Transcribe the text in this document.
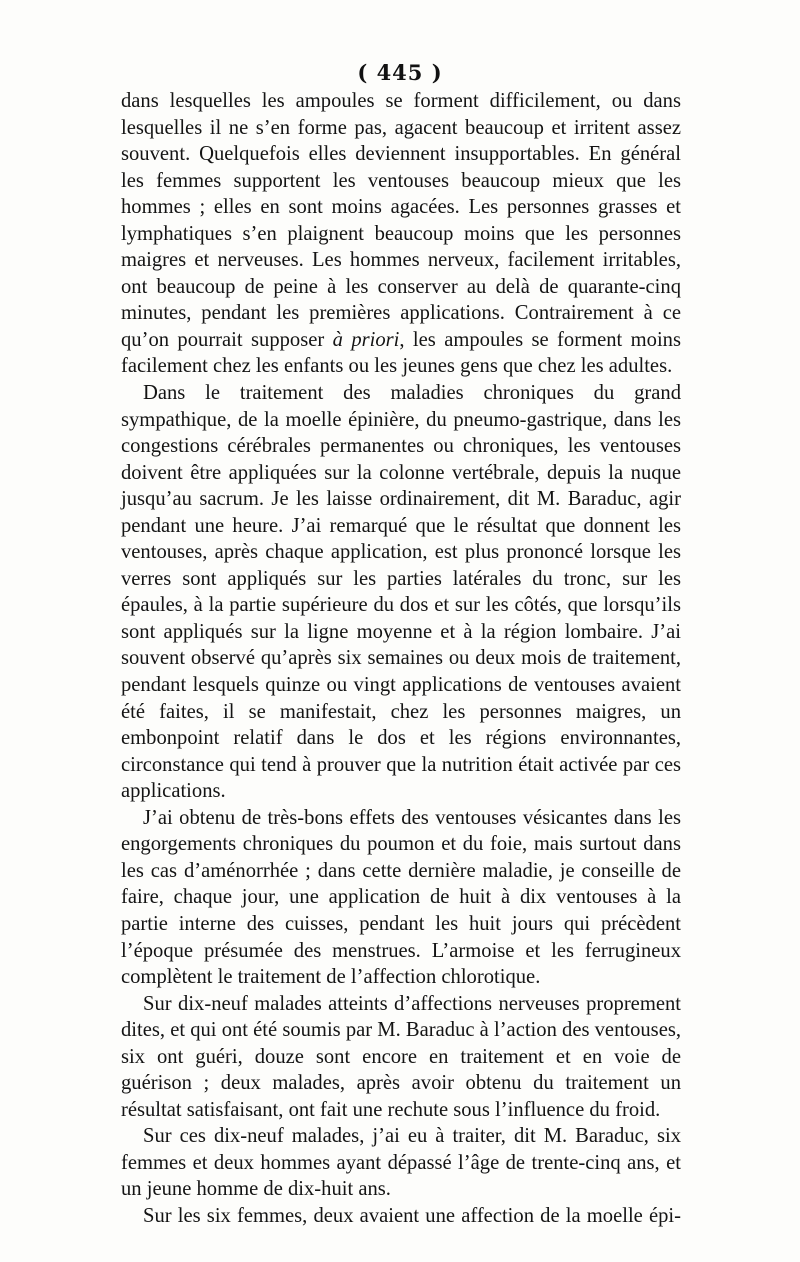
( 445 )

dans lesquelles les ampoules se forment difficilement, ou dans lesquelles il ne s’en forme pas, agacent beaucoup et irritent assez souvent. Quelquefois elles deviennent insupportables. En général les femmes supportent les ventouses beaucoup mieux que les hommes ; elles en sont moins agacées. Les personnes grasses et lymphatiques s’en plaignent beaucoup moins que les personnes maigres et nerveuses. Les hommes nerveux, facilement irritables, ont beaucoup de peine à les conserver au delà de quarante-cinq minutes, pendant les premières applications. Contrairement à ce qu’on pourrait supposer à priori, les ampoules se forment moins facilement chez les enfants ou les jeunes gens que chez les adultes.

Dans le traitement des maladies chroniques du grand sympathique, de la moelle épinière, du pneumo-gastrique, dans les congestions cérébrales permanentes ou chroniques, les ventouses doivent être appliquées sur la colonne vertébrale, depuis la nuque jusqu’au sacrum. Je les laisse ordinairement, dit M. Baraduc, agir pendant une heure. J’ai remarqué que le résultat que donnent les ventouses, après chaque application, est plus prononcé lorsque les verres sont appliqués sur les parties latérales du tronc, sur les épaules, à la partie supérieure du dos et sur les côtés, que lorsqu’ils sont appliqués sur la ligne moyenne et à la région lombaire. J’ai souvent observé qu’après six semaines ou deux mois de traitement, pendant lesquels quinze ou vingt applications de ventouses avaient été faites, il se manifestait, chez les personnes maigres, un embonpoint relatif dans le dos et les régions environnantes, circonstance qui tend à prouver que la nutrition était activée par ces applications.

J’ai obtenu de très-bons effets des ventouses vésicantes dans les engorgements chroniques du poumon et du foie, mais surtout dans les cas d’aménorrhée ; dans cette dernière maladie, je conseille de faire, chaque jour, une application de huit à dix ventouses à la partie interne des cuisses, pendant les huit jours qui précèdent l’époque présumée des menstrues. L’armoise et les ferrugineux complètent le traitement de l’affection chlorotique.

Sur dix-neuf malades atteints d’affections nerveuses proprement dites, et qui ont été soumis par M. Baraduc à l’action des ventouses, six ont guéri, douze sont encore en traitement et en voie de guérison ; deux malades, après avoir obtenu du traitement un résultat satisfaisant, ont fait une rechute sous l’influence du froid.

Sur ces dix-neuf malades, j’ai eu à traiter, dit M. Baraduc, six femmes et deux hommes ayant dépassé l’âge de trente-cinq ans, et un jeune homme de dix-huit ans.

Sur les six femmes, deux avaient une affection de la moelle épi-
